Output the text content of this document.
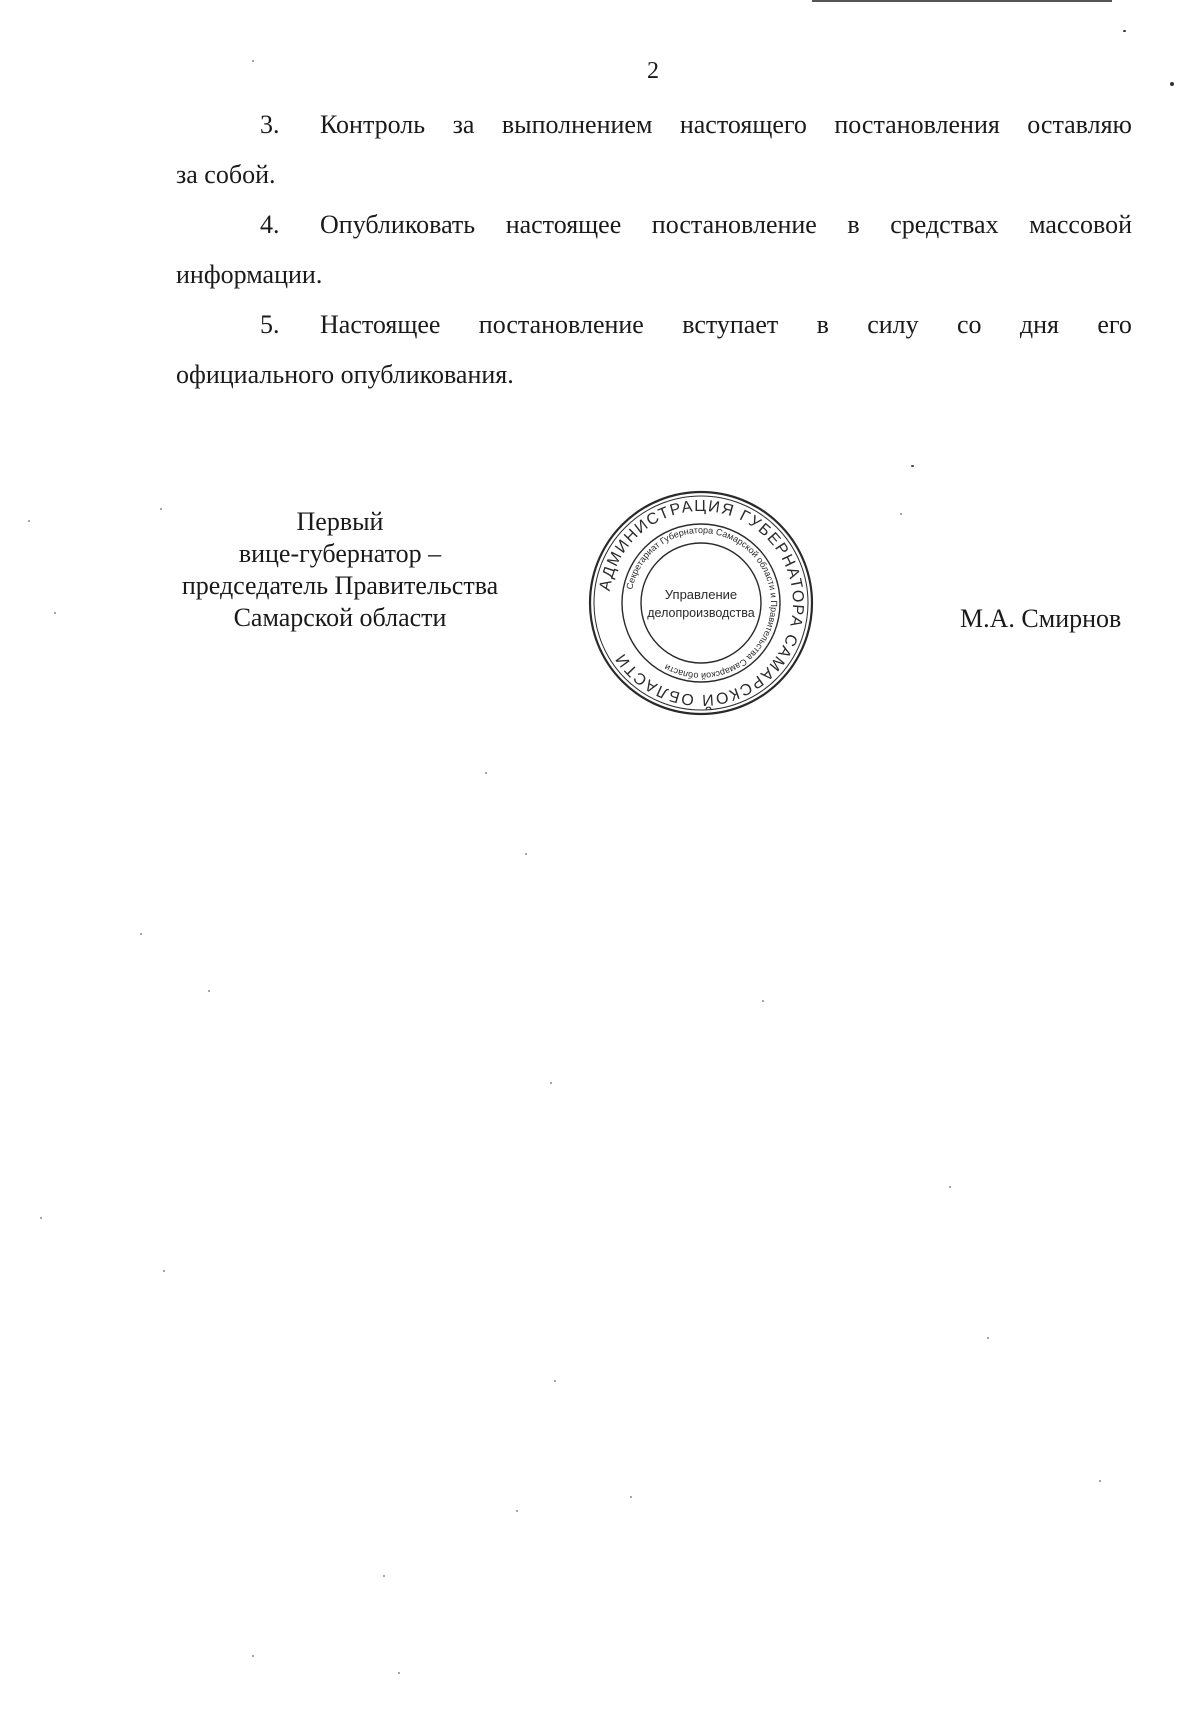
2
3. Контроль за выполнением настоящего постановления оставляю
за собой.
4. Опубликовать настоящее постановление в средствах массовой
информации.
5. Настоящее постановление вступает в силу со дня его
официального опубликования.
Первый
вице-губернатор –
председатель Правительства
Самарской области
АДМИНИСТРАЦИЯ ГУБЕРНАТОРА САМАРСКОЙ ОБЛАСТИ
Секретариат Губернатора Самарской области и Правительства Самарской области
Управление
делопроизводства	М.А. Смирнов
